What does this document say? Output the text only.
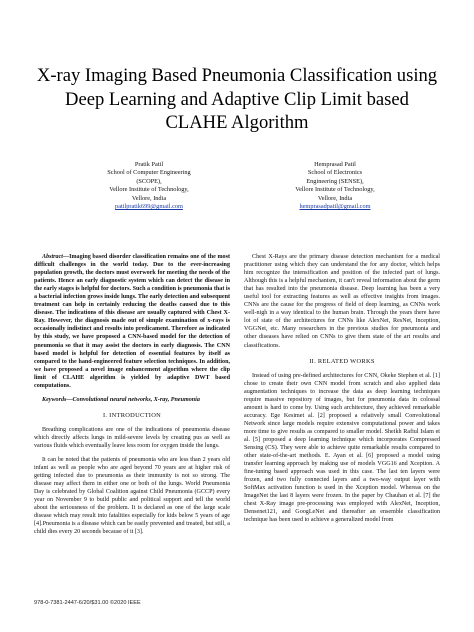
X-ray Imaging Based Pneumonia Classification using Deep Learning and Adaptive Clip Limit based CLAHE Algorithm
Pratik Patil
School of Computer Engineering
(SCOPE),
Vellore Institute of Technology,
Vellore, India
patilpratik699@gmail.com
Hemprasad Patil
School of Electronics
Engineering (SENSE),
Vellore Institute of Technology,
Vellore, India
hemprasadpatil@gmail.com

Abstract—Imaging based disorder classification remains one of the most difficult challenges in the world today. Due to the ever-increasing population growth, the doctors must overwork for meeting the needs of the patients. Hence an early diagnostic system which can detect the disease in the early stages is helpful for doctors. Such a condition is pneumonia that is a bacterial infection grows inside lungs. The early detection and subsequent treatment can help in certainly reducing the deaths caused due to this disease. The indications of this disease are usually captured with Chest X-Ray. However, the diagnosis made out of simple examination of x-rays is occasionally indistinct and results into predicament. Therefore as indicated by this study, we have proposed a CNN-based model for the detection of pneumonia so that it may assist the doctors in early diagnosis. The CNN based model is helpful for detection of essential features by itself as compared to the hand-engineered feature selection techniques. In addition, we have proposed a novel image enhancement algorithm where the clip limit of CLAHE algorithm is yielded by adaptive DWT based computations.

Keywords—Convolutional neural networks, X-ray, Pneumonia

I. INTRODUCTION

Breathing complications are one of the indications of pneumonia disease which directly affects lungs in mild-severe levels by creating pus as well as various fluids which eventually leave less room for oxygen inside the lungs.

It can be noted that the patients of pneumonia who are less than 2 years old infant as well as people who are aged beyond 70 years are at higher risk of getting infected due to pneumonia as their immunity is not so strong. The disease may affect them in either one or both of the lungs. World Pneumonia Day is celebrated by Global Coalition against Child Pneumonia (GCCP) every year on November 9 to build public and political support and tell the world about the seriousness of the problem. It is declared as one of the large scale disease which may result into fatalities especially for kids below 5 years of age [4].Pneumonia is a disease which can be easily prevented and treated, but still, a child dies every 20 seconds because of it [3].

Chest X-Rays are the primary disease detection mechanism for a medical practitioner using which they can understand the for any doctor, which helps him recognize the intensification and position of the infected part of lungs. Although this is a helpful mechanism, it can't reveal information about the germ that has resulted into the pneumonia disease. Deep learning has been a very useful tool for extracting features as well as effective insights from images. CNNs are the cause for the progress of field of deep learning, as CNNs work well-nigh in a way identical to the human brain. Through the years there have lot of state of the architectures for CNNs like AlexNet, ResNet, Inception, VGGNet, etc. Many researchers in the previous studies for pneumonia and other diseases have relied on CNNs to give them state of the art results and classifications.

II. RELATED WORKS

Instead of using pre-defined architectures for CNN, Okeke Stephen et al. [1] chose to create their own CNN model from scratch and also applied data augmentation techniques to increase the data as deep learning techniques require massive repository of images, but for pneumonia data in colossal amount is hard to come by. Using such architecture, they achieved remarkable accuracy. Ege Kesimet al. [2] proposed a relatively small Convolutional Network since large models require extensive computational power and takes more time to give results as compared to smaller model. Sheikh Rafiul Islam et al. [5] proposed a deep learning technique which incorporates Compressed Sensing (CS). They were able to achieve quite remarkable results compared to other state-of-the-art methods. E. Ayan et al. [6] proposed a model using transfer learning approach by making use of models VGG16 and Xception. A fine-tuning based approach was used in this case. The last ten layers were frozen, and two fully connected layers and a two-way output layer with SoftMax activation function is used in the Xception model. Whereas on the ImageNet the last 8 layers were frozen. In the paper by Chauhan et al. [7] the chest X-Ray image pre-processing was employed with AlexNet, Inception, Densenet121, and GoogLeNet and thereafter an ensemble classification technique has been used to achieve a generalized model from

978-0-7381-2447-6/20/$31.00 ©2020 IEEE
